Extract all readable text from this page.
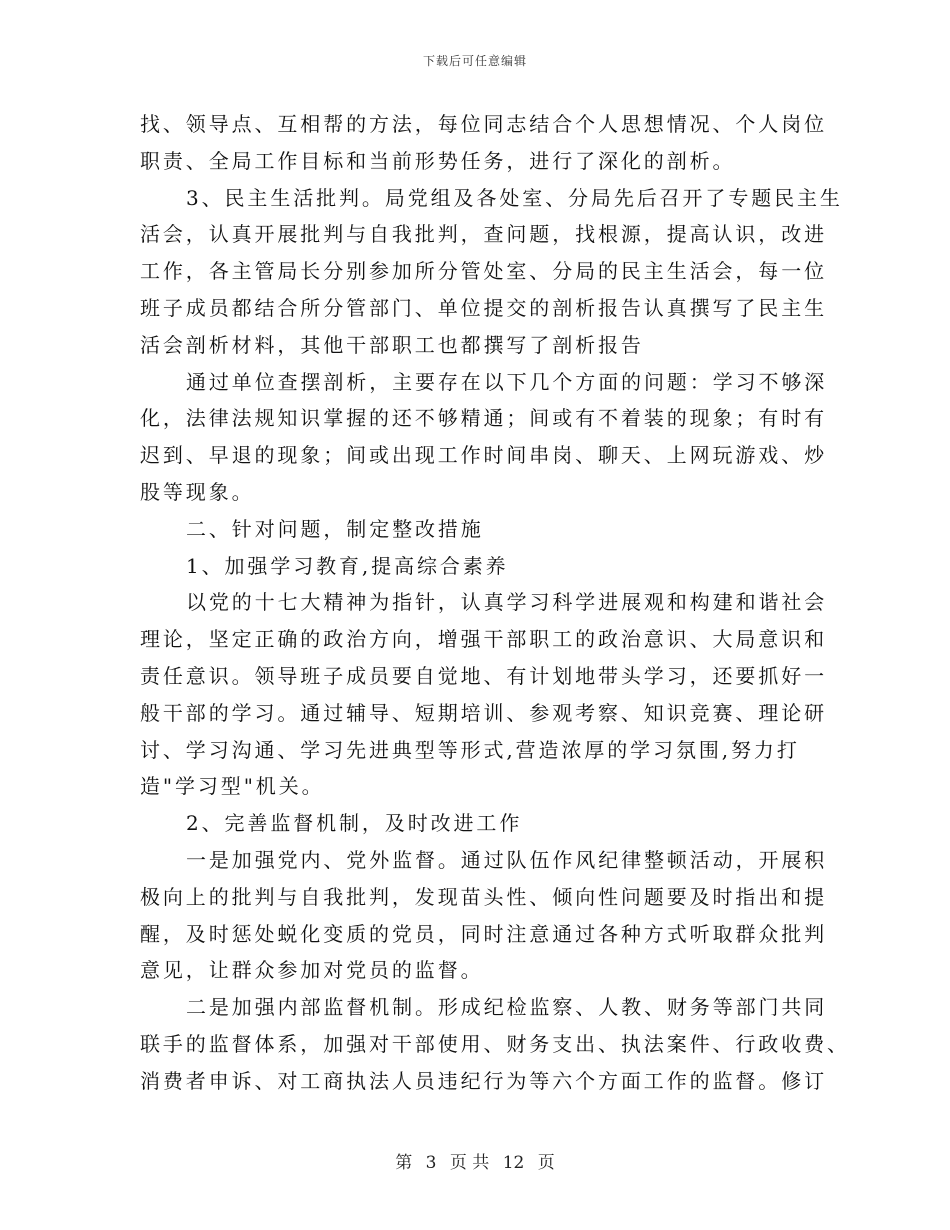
下载后可任意编辑
找、领导点、互相帮的方法，每位同志结合个人思想情况、个人岗位
职责、全局工作目标和当前形势任务，进行了深化的剖析。
3、民主生活批判。局党组及各处室、分局先后召开了专题民主生
活会，认真开展批判与自我批判，查问题，找根源，提高认识，改进
工作，各主管局长分别参加所分管处室、分局的民主生活会，每一位
班子成员都结合所分管部门、单位提交的剖析报告认真撰写了民主生
活会剖析材料，其他干部职工也都撰写了剖析报告
通过单位查摆剖析，主要存在以下几个方面的问题：学习不够深
化，法律法规知识掌握的还不够精通；间或有不着装的现象；有时有
迟到、早退的现象；间或出现工作时间串岗、聊天、上网玩游戏、炒
股等现象。
二、针对问题，制定整改措施
1、加强学习教育,提高综合素养
以党的十七大精神为指针，认真学习科学进展观和构建和谐社会
理论，坚定正确的政治方向，增强干部职工的政治意识、大局意识和
责任意识。领导班子成员要自觉地、有计划地带头学习，还要抓好一
般干部的学习。通过辅导、短期培训、参观考察、知识竞赛、理论研
讨、学习沟通、学习先进典型等形式,营造浓厚的学习氛围,努力打
造"学习型"机关。
2、完善监督机制，及时改进工作
一是加强党内、党外监督。通过队伍作风纪律整顿活动，开展积
极向上的批判与自我批判，发现苗头性、倾向性问题要及时指出和提
醒，及时惩处蜕化变质的党员，同时注意通过各种方式听取群众批判
意见，让群众参加对党员的监督。
二是加强内部监督机制。形成纪检监察、人教、财务等部门共同
联手的监督体系，加强对干部使用、财务支出、执法案件、行政收费、
消费者申诉、对工商执法人员违纪行为等六个方面工作的监督。修订
第 3 页 共 12 页
